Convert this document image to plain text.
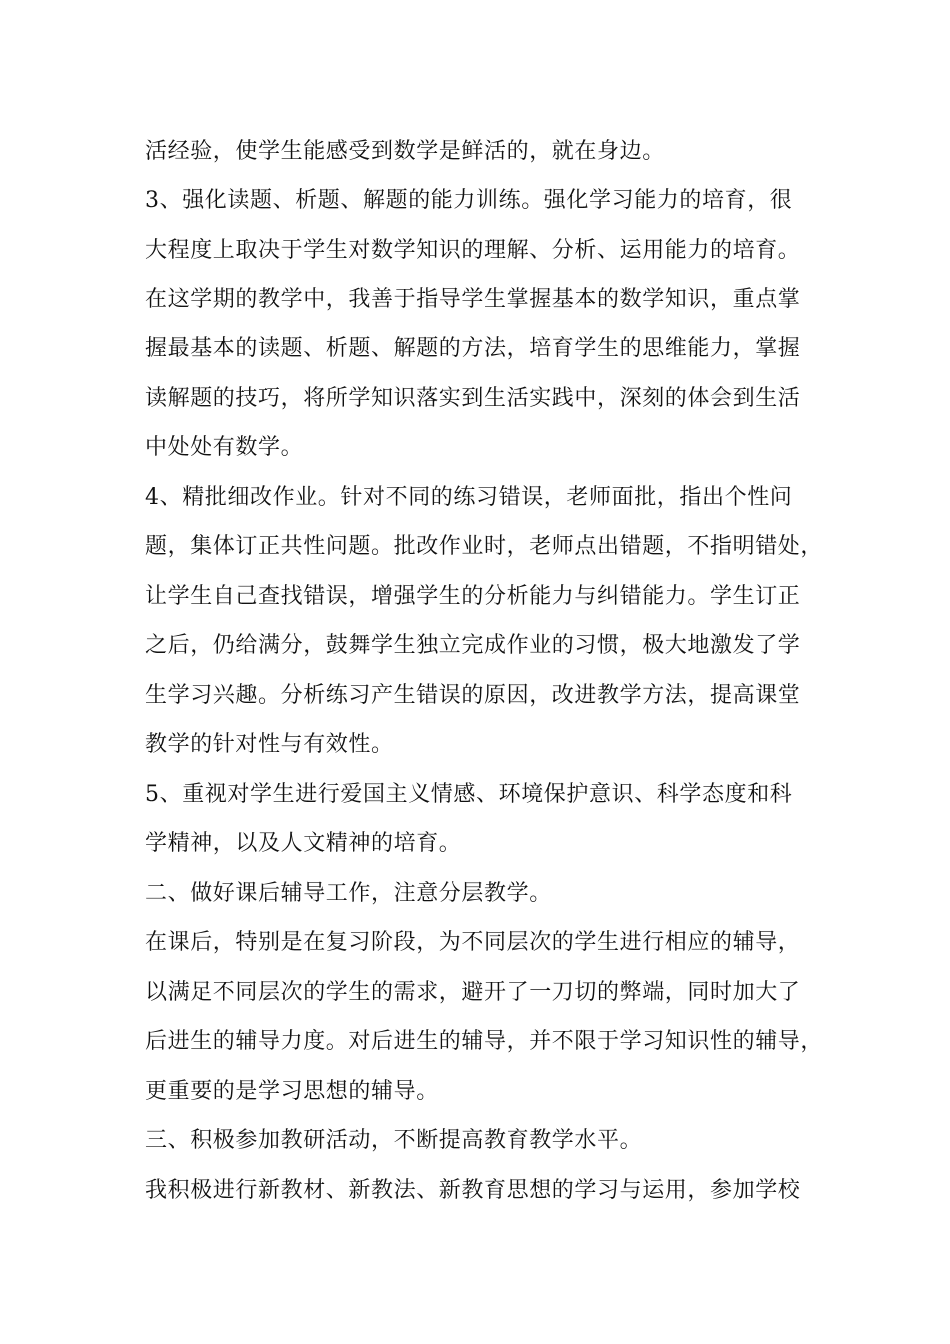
活经验，使学生能感受到数学是鲜活的，就在身边。
3、强化读题、析题、解题的能力训练。强化学习能力的培育，很
大程度上取决于学生对数学知识的理解、分析、运用能力的培育。
在这学期的教学中，我善于指导学生掌握基本的数学知识，重点掌
握最基本的读题、析题、解题的方法，培育学生的思维能力，掌握
读解题的技巧，将所学知识落实到生活实践中，深刻的体会到生活
中处处有数学。
4、精批细改作业。针对不同的练习错误，老师面批，指出个性问
题，集体订正共性问题。批改作业时，老师点出错题，不指明错处，
让学生自己查找错误，增强学生的分析能力与纠错能力。学生订正
之后，仍给满分，鼓舞学生独立完成作业的习惯，极大地激发了学
生学习兴趣。分析练习产生错误的原因，改进教学方法，提高课堂
教学的针对性与有效性。
5、重视对学生进行爱国主义情感、环境保护意识、科学态度和科
学精神，以及人文精神的培育。
二、做好课后辅导工作，注意分层教学。
在课后，特别是在复习阶段，为不同层次的学生进行相应的辅导，
以满足不同层次的学生的需求，避开了一刀切的弊端，同时加大了
后进生的辅导力度。对后进生的辅导，并不限于学习知识性的辅导，
更重要的是学习思想的辅导。
三、积极参加教研活动，不断提高教育教学水平。
我积极进行新教材、新教法、新教育思想的学习与运用，参加学校
